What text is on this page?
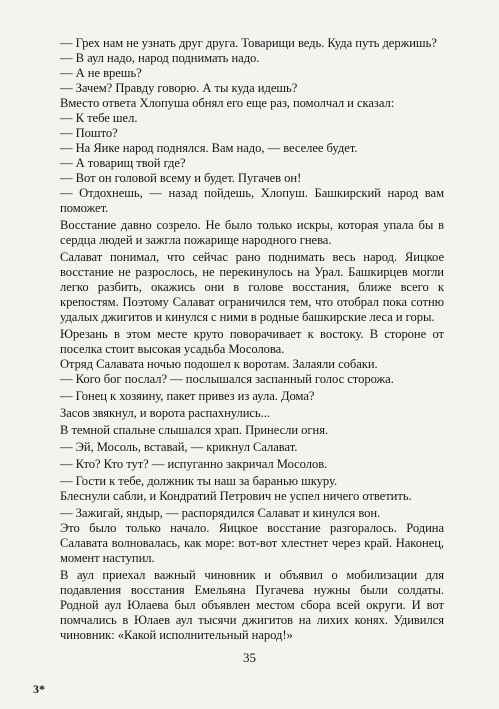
— Грех нам не узнать друг друга. Товарищи ведь. Куда путь держишь?

— В аул надо, народ поднимать надо.

— А не врешь?

— Зачем? Правду говорю. А ты куда идешь?

Вместо ответа Хлопуша обнял его еще раз, помолчал и сказал:

— К тебе шел.

— Пошто?

— На Яике народ поднялся. Вам надо, — веселее будет.

— А товарищ твой где?

— Вот он головой всему и будет. Пугачев он!

— Отдохнешь, — назад пойдешь, Хлопуш. Башкирский народ вам поможет.

Восстание давно созрело. Не было только искры, которая упала бы в сердца людей и зажгла пожарище народного гнева.

Салават понимал, что сейчас рано поднимать весь народ. Яицкое восстание не разрослось, не перекинулось на Урал. Башкирцев могли легко разбить, окажись они в голове восстания, ближе всего к крепостям. Поэтому Салават ограничился тем, что отобрал пока сотню удалых джигитов и кинулся с ними в родные башкирские леса и горы.

Юрезань в этом месте круто поворачивает к востоку. В стороне от поселка стоит высокая усадьба Мосолова.

Отряд Салавата ночью подошел к воротам. Залаяли собаки.

— Кого бог послал? — послышался заспанный голос сторожа.

— Гонец к хозяину, пакет привез из аула. Дома?

Засов звякнул, и ворота распахнулись...

В темной спальне слышался храп. Принесли огня.

— Эй, Мосоль, вставай, — крикнул Салават.

— Кто? Кто тут? — испуганно закричал Мосолов.

— Гости к тебе, должник ты наш за баранью шкуру.

Блеснули сабли, и Кондратий Петрович не успел ничего ответить.

— Зажигай, яндыр, — распорядился Салават и кинулся вон.

Это было только начало. Яицкое восстание разгоралось. Родина Салавата волновалась, как море: вот-вот хлестнет через край. Наконец, момент наступил.

В аул приехал важный чиновник и объявил о мобилизации для подавления восстания Емельяна Пугачева нужны были солдаты. Родной аул Юлаева был объявлен местом сбора всей округи. И вот помчались в Юлаев аул тысячи джигитов на лихих конях. Удивился чиновник: «Какой исполнительный народ!»

35
3*
